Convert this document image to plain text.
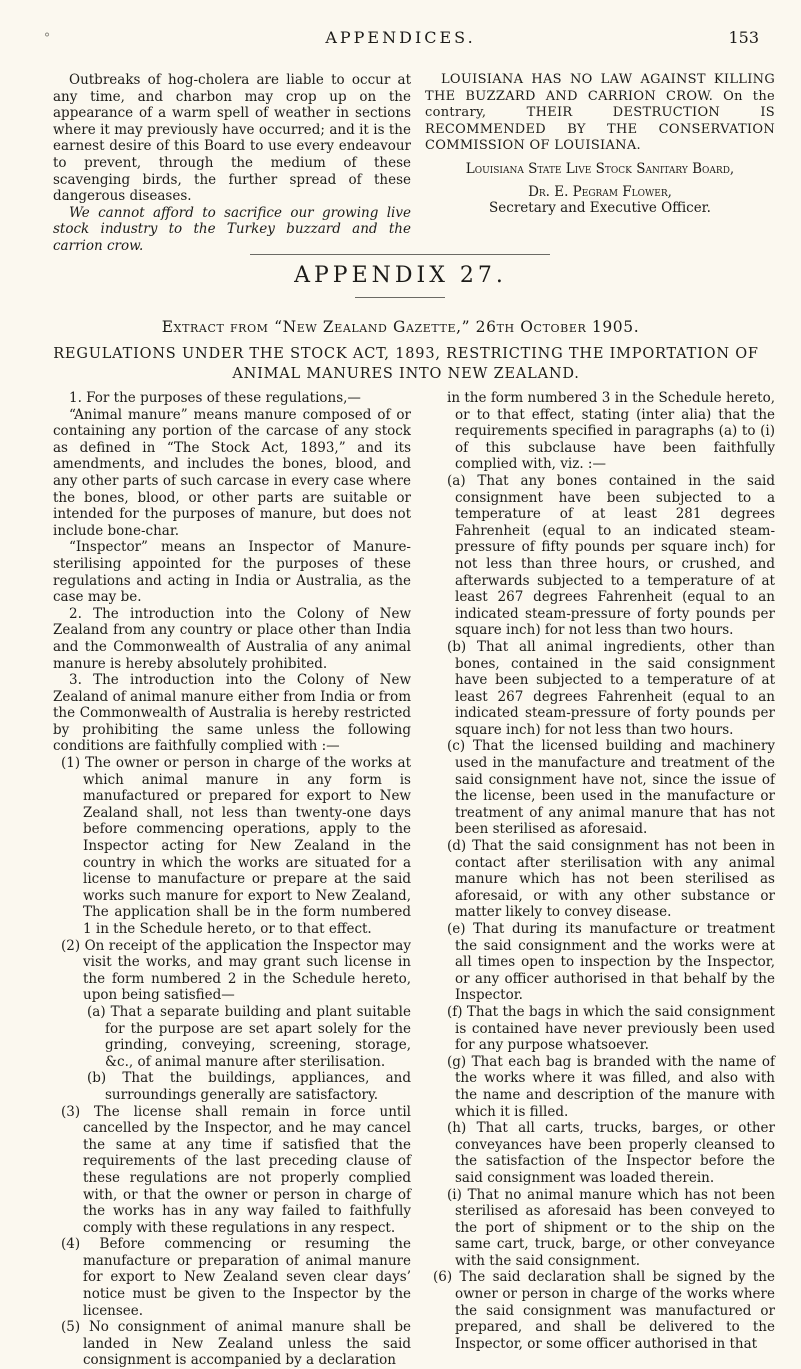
⚬	APPENDICES.	153

Outbreaks of hog-cholera are liable to occur at any time, and charbon may crop up on the appearance of a warm spell of weather in sections where it may previously have occurred; and it is the earnest desire of this Board to use every endeavour to prevent, through the medium of these scavenging birds, the further spread of these dangerous diseases.

We cannot afford to sacrifice our growing live stock industry to the Turkey buzzard and the carrion crow.

LOUISIANA HAS NO LAW AGAINST KILLING THE BUZZARD AND CARRION CROW. On the contrary, THEIR DESTRUCTION IS RECOMMENDED BY THE CONSERVATION COMMISSION OF LOUISIANA.

Louisiana State Live Stock Sanitary Board,

Dr. E. Pegram Flower,

Secretary and Executive Officer.

APPENDIX 27.
Extract from “New Zealand Gazette,” 26th October 1905.
REGULATIONS UNDER THE STOCK ACT, 1893, RESTRICTING THE IMPORTATION OF ANIMAL MANURES INTO NEW ZEALAND.

1. For the purposes of these regulations,—

“Animal manure” means manure composed of or containing any portion of the carcase of any stock as defined in “The Stock Act, 1893,” and its amendments, and includes the bones, blood, and any other parts of such carcase in every case where the bones, blood, or other parts are suitable or intended for the purposes of manure, but does not include bone-char.

“Inspector” means an Inspector of Manure-sterilising appointed for the purposes of these regulations and acting in India or Australia, as the case may be.

2. The introduction into the Colony of New Zealand from any country or place other than India and the Commonwealth of Australia of any animal manure is hereby absolutely prohibited.

3. The introduction into the Colony of New Zealand of animal manure either from India or from the Commonwealth of Australia is hereby restricted by prohibiting the same unless the following conditions are faithfully complied with :—

(1) The owner or person in charge of the works at which animal manure in any form is manufactured or prepared for export to New Zealand shall, not less than twenty-one days before commencing operations, apply to the Inspector acting for New Zealand in the country in which the works are situated for a license to manufacture or prepare at the said works such manure for export to New Zealand, The application shall be in the form numbered 1 in the Schedule hereto, or to that effect.

(2) On receipt of the application the Inspector may visit the works, and may grant such license in the form numbered 2 in the Schedule hereto, upon being satisfied—

(a) That a separate building and plant suitable for the purpose are set apart solely for the grinding, conveying, screening, storage, &c., of animal manure after sterilisation.

(b) That the buildings, appliances, and surroundings generally are satisfactory.

(3) The license shall remain in force until cancelled by the Inspector, and he may cancel the same at any time if satisfied that the requirements of the last preceding clause of these regulations are not properly complied with, or that the owner or person in charge of the works has in any way failed to faithfully comply with these regulations in any respect.

(4) Before commencing or resuming the manufacture or preparation of animal manure for export to New Zealand seven clear days’ notice must be given to the Inspector by the licensee.

(5) No consignment of animal manure shall be landed in New Zealand unless the said consignment is accompanied by a declaration

in the form numbered 3 in the Schedule hereto, or to that effect, stating (inter alia) that the requirements specified in paragraphs (a) to (i) of this subclause have been faithfully complied with, viz. :—

(a) That any bones contained in the said consignment have been subjected to a temperature of at least 281 degrees Fahrenheit (equal to an indicated steam-pressure of fifty pounds per square inch) for not less than three hours, or crushed, and afterwards subjected to a temperature of at least 267 degrees Fahrenheit (equal to an indicated steam-pressure of forty pounds per square inch) for not less than two hours.

(b) That all animal ingredients, other than bones, contained in the said consignment have been subjected to a temperature of at least 267 degrees Fahrenheit (equal to an indicated steam-pressure of forty pounds per square inch) for not less than two hours.

(c) That the licensed building and machinery used in the manufacture and treatment of the said consignment have not, since the issue of the license, been used in the manufacture or treatment of any animal manure that has not been sterilised as aforesaid.

(d) That the said consignment has not been in contact after sterilisation with any animal manure which has not been sterilised as aforesaid, or with any other substance or matter likely to convey disease.

(e) That during its manufacture or treatment the said consignment and the works were at all times open to inspection by the Inspector, or any officer authorised in that behalf by the Inspector.

(f) That the bags in which the said consignment is contained have never previously been used for any purpose whatsoever.

(g) That each bag is branded with the name of the works where it was filled, and also with the name and description of the manure with which it is filled.

(h) That all carts, trucks, barges, or other conveyances have been properly cleansed to the satisfaction of the Inspector before the said consignment was loaded therein.

(i) That no animal manure which has not been sterilised as aforesaid has been conveyed to the port of shipment or to the ship on the same cart, truck, barge, or other conveyance with the said consignment.

(6) The said declaration shall be signed by the owner or person in charge of the works where the said consignment was manufactured or prepared, and shall be delivered to the Inspector, or some officer authorised in that
